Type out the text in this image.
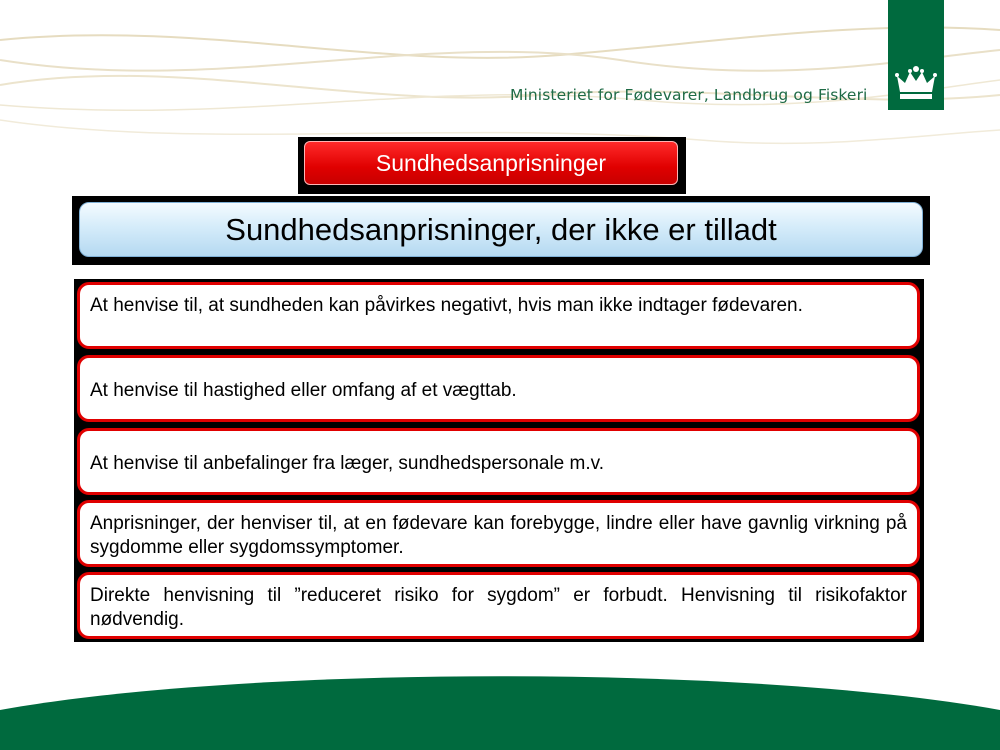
Ministeriet for Fødevarer, Landbrug og Fiskeri
Sundhedsanprisninger
Sundhedsanprisninger, der ikke er tilladt
At henvise til, at sundheden kan påvirkes negativt, hvis man ikke indtager fødevaren.
At henvise til hastighed eller omfang af et vægttab.
At henvise til anbefalinger fra læger, sundhedspersonale m.v.
Anprisninger, der henviser til, at en fødevare kan forebygge, lindre eller have gavnlig virkning på sygdomme eller sygdomssymptomer.
Direkte henvisning til ”reduceret risiko for sygdom” er forbudt. Henvisning til risikofaktor nødvendig.
